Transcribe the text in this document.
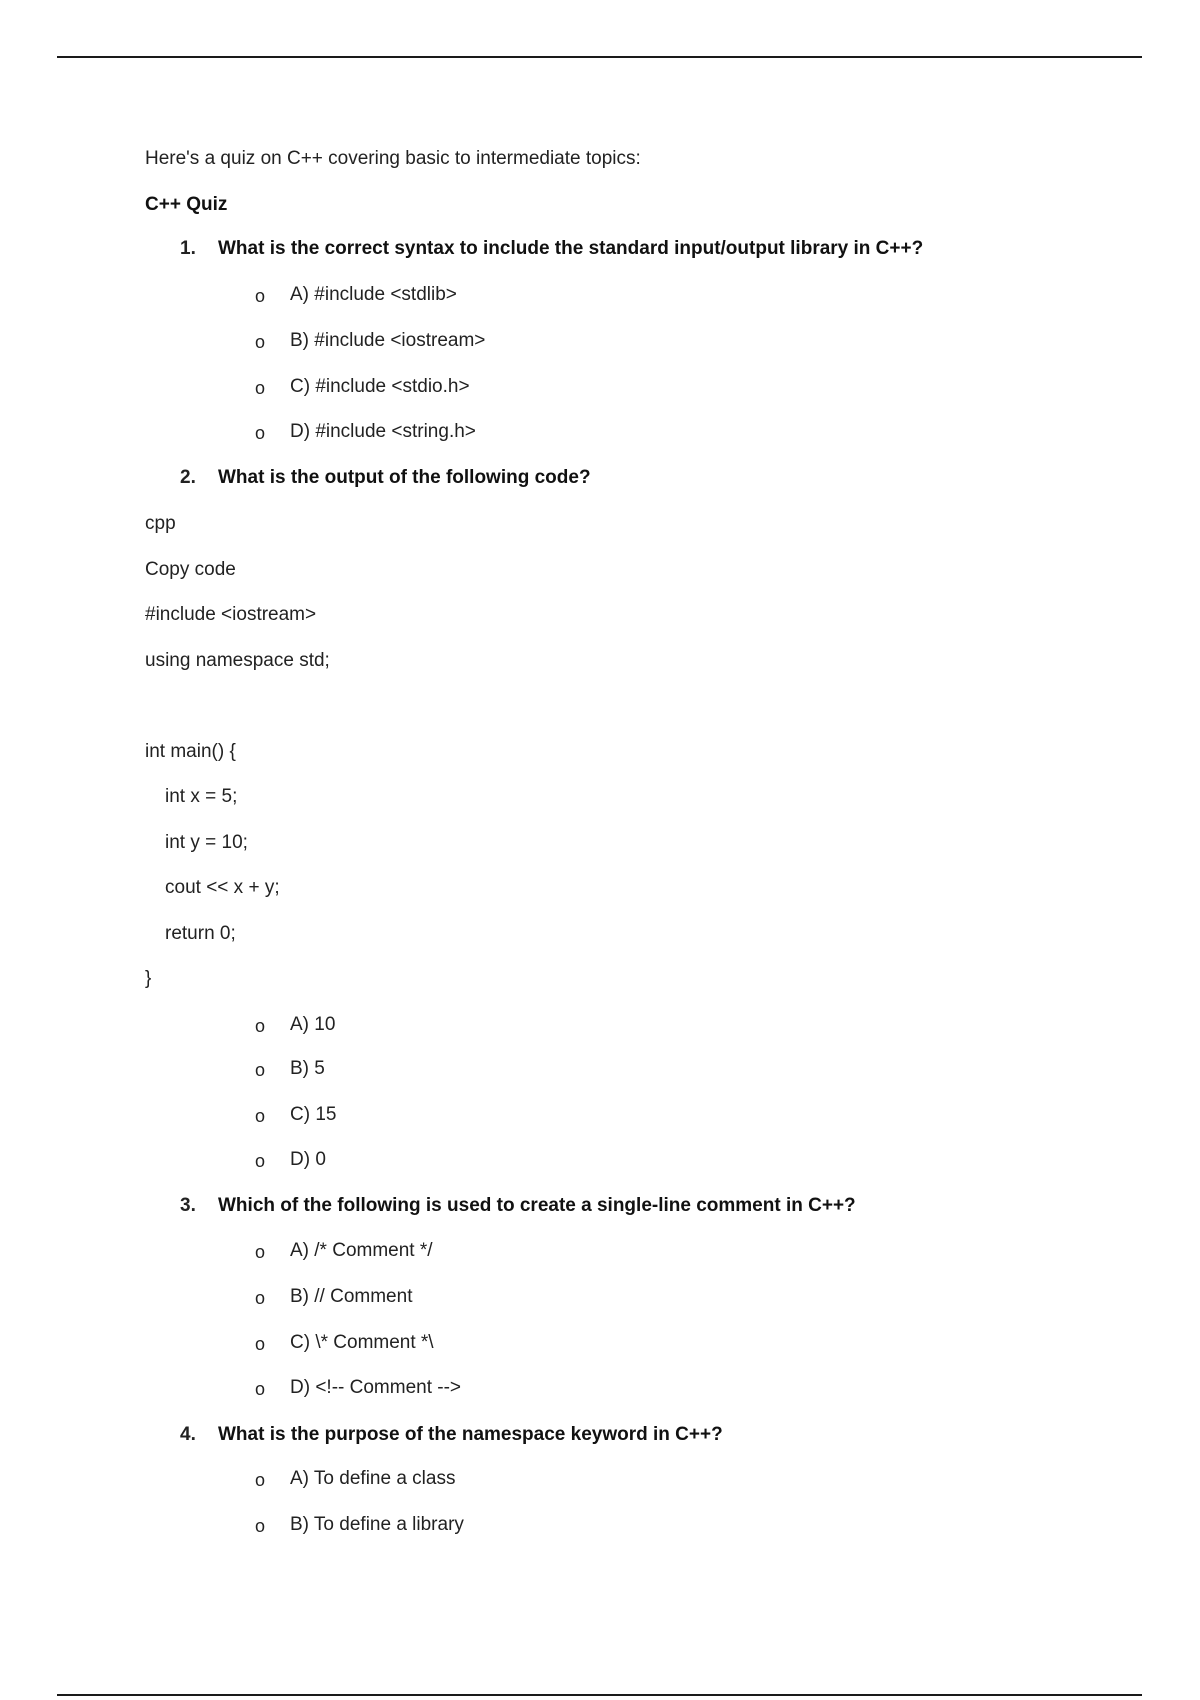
Here's a quiz on C++ covering basic to intermediate topics:
C++ Quiz
1. What is the correct syntax to include the standard input/output library in C++?
o A) #include <stdlib>
o B) #include <iostream>
o C) #include <stdio.h>
o D) #include <string.h>
2. What is the output of the following code?
cpp
Copy code
#include <iostream>
using namespace std;
int main() {
int x = 5;
int y = 10;
cout << x + y;
return 0;
}
o A) 10
o B) 5
o C) 15
o D) 0
3. Which of the following is used to create a single-line comment in C++?
o A) /* Comment */
o B) // Comment
o C) \* Comment *\
o D) <!-- Comment -->
4. What is the purpose of the namespace keyword in C++?
o A) To define a class
o B) To define a library
